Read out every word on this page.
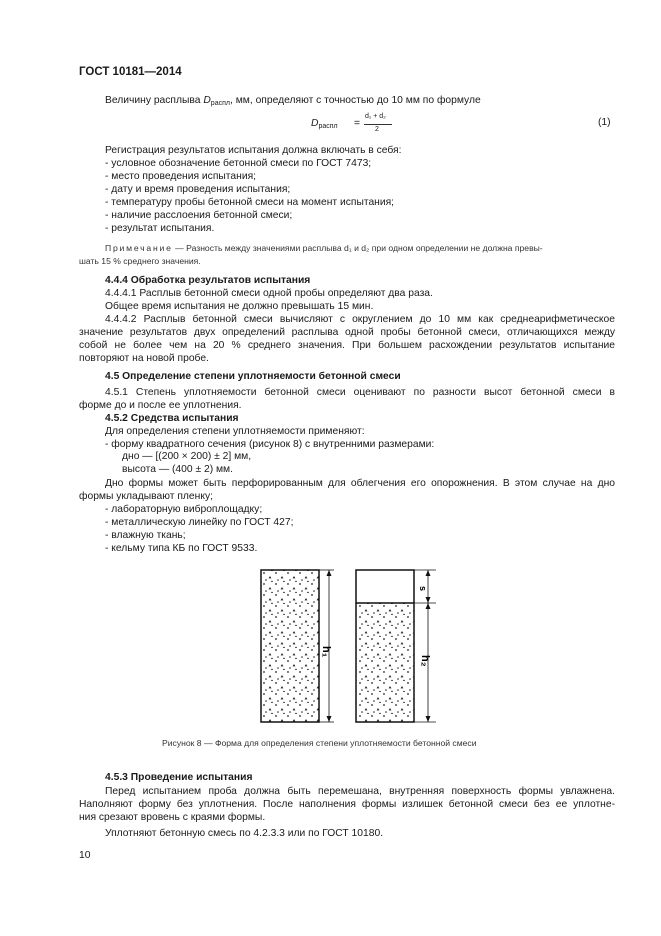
ГОСТ 10181—2014
Величину расплыва $D_{распл}$, мм, определяют с точностью до 10 мм по формуле
$D_{распл}$ =
d₁ + d₂
2
(1)
Регистрация результатов испытания должна включать в себя:
- условное обозначение бетонной смеси по ГОСТ 7473;
- место проведения испытания;
- дату и время проведения испытания;
- температуру пробы бетонной смеси на момент испытания;
- наличие расслоения бетонной смеси;
- результат испытания.
Примечание — Разность между значениями расплыва d₁ и d₂ при одном определении не должна превы-
шать 15 % среднего значения.
4.4.4 Обработка результатов испытания
4.4.4.1 Расплыв бетонной смеси одной пробы определяют два раза.
Общее время испытания не должно превышать 15 мин.
4.4.4.2 Расплыв бетонной смеси вычисляют с округлением до 10 мм как среднеарифметическое
значение результатов двух определений расплыва одной пробы бетонной смеси, отличающихся между
собой не более чем на 20 % среднего значения. При большем расхождении результатов испытание
повторяют на новой пробе.
4.5 Определение степени уплотняемости бетонной смеси
4.5.1 Степень уплотняемости бетонной смеси оценивают по разности высот бетонной смеси в
форме до и после ее уплотнения.
4.5.2 Средства испытания
Для определения степени уплотняемости применяют:
- форму квадратного сечения (рисунок 8) с внутренними размерами:
дно — [(200 × 200) ± 2] мм,
высота — (400 ± 2) мм.
Дно формы может быть перфорированным для облегчения его опорожнения. В этом случае на дно
формы укладывают пленку;
- лабораторную виброплощадку;
- металлическую линейку по ГОСТ 427;
- влажную ткань;
- кельму типа КБ по ГОСТ 9533.
h₁
s
h₂
Рисунок 8 — Форма для определения степени уплотняемости бетонной смеси
4.5.3 Проведение испытания
Перед испытанием проба должна быть перемешана, внутренняя поверхность формы увлажнена.
Наполняют форму без уплотнения. После наполнения формы излишек бетонной смеси без ее уплотне-
ния срезают вровень с краями формы.
Уплотняют бетонную смесь по 4.2.3.3 или по ГОСТ 10180.
10
